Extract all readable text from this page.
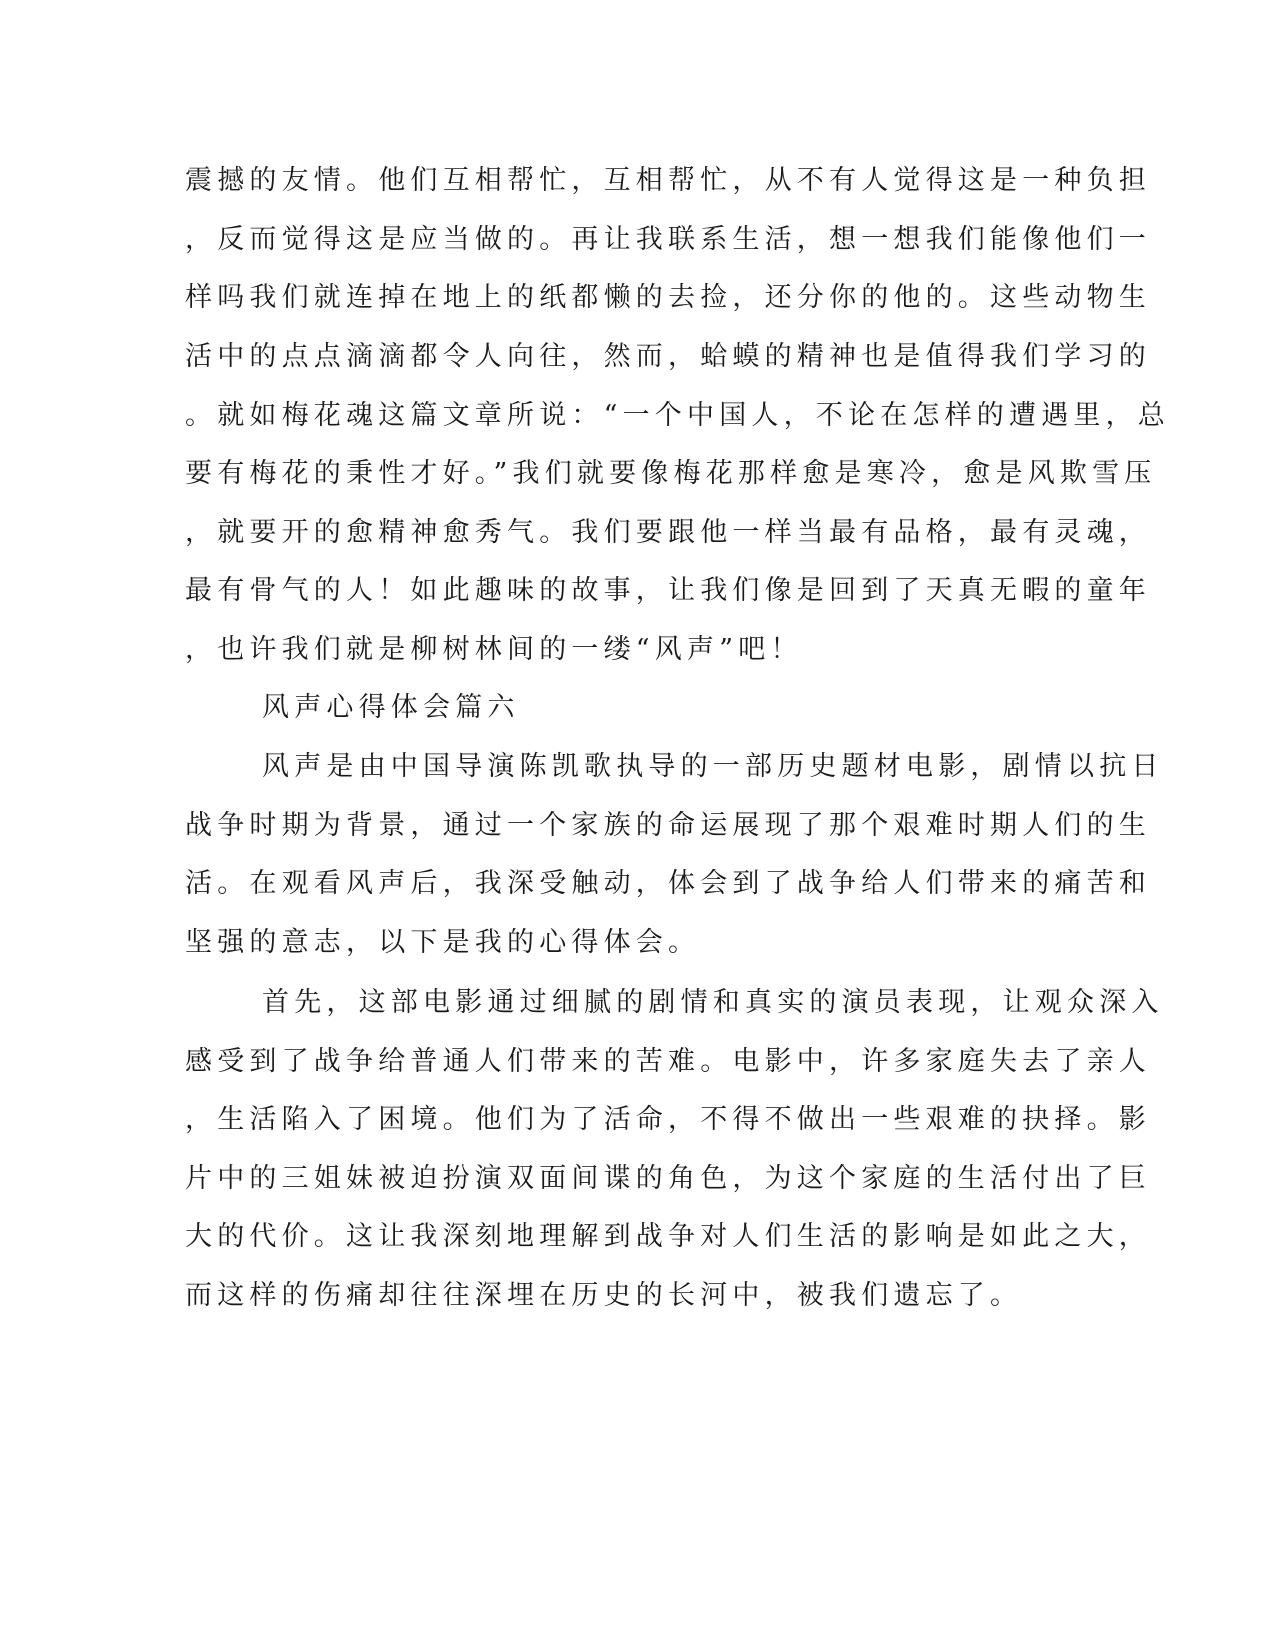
震撼的友情。他们互相帮忙，互相帮忙，从不有人觉得这是一种负担
，反而觉得这是应当做的。再让我联系生活，想一想我们能像他们一
样吗我们就连掉在地上的纸都懒的去捡，还分你的他的。这些动物生
活中的点点滴滴都令人向往，然而，蛤蟆的精神也是值得我们学习的
。就如梅花魂这篇文章所说：“一个中国人，不论在怎样的遭遇里，总
要有梅花的秉性才好。”我们就要像梅花那样愈是寒冷，愈是风欺雪压
，就要开的愈精神愈秀气。我们要跟他一样当最有品格，最有灵魂，
最有骨气的人！如此趣味的故事，让我们像是回到了天真无暇的童年
，也许我们就是柳树林间的一缕“风声”吧！
风声心得体会篇六
风声是由中国导演陈凯歌执导的一部历史题材电影，剧情以抗日
战争时期为背景，通过一个家族的命运展现了那个艰难时期人们的生
活。在观看风声后，我深受触动，体会到了战争给人们带来的痛苦和
坚强的意志，以下是我的心得体会。
首先，这部电影通过细腻的剧情和真实的演员表现，让观众深入
感受到了战争给普通人们带来的苦难。电影中，许多家庭失去了亲人
，生活陷入了困境。他们为了活命，不得不做出一些艰难的抉择。影
片中的三姐妹被迫扮演双面间谍的角色，为这个家庭的生活付出了巨
大的代价。这让我深刻地理解到战争对人们生活的影响是如此之大，
而这样的伤痛却往往深埋在历史的长河中，被我们遗忘了。
